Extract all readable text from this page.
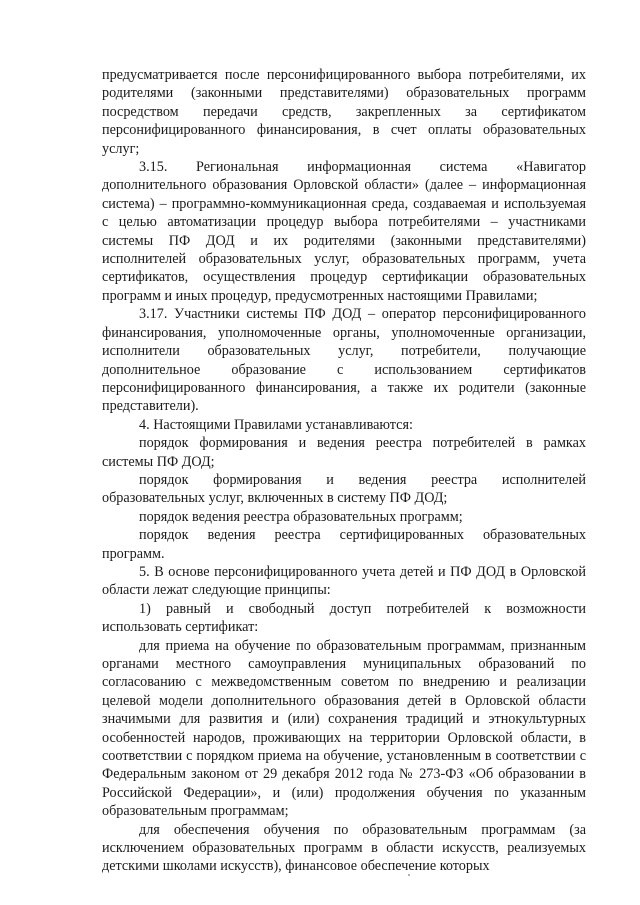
предусматривается после персонифицированного выбора потребителями, их родителями (законными представителями) образовательных программ посредством передачи средств, закрепленных за сертификатом персонифицированного финансирования, в счет оплаты образовательных услуг;

3.15. Региональная информационная система «Навигатор дополнительного образования Орловской области» (далее – информационная система) – программно-коммуникационная среда, создаваемая и используемая с целью автоматизации процедур выбора потребителями – участниками системы ПФ ДОД и их родителями (законными представителями) исполнителей образовательных услуг, образовательных программ, учета сертификатов, осуществления процедур сертификации образовательных программ и иных процедур, предусмотренных настоящими Правилами;

3.17. Участники системы ПФ ДОД – оператор персонифицированного финансирования, уполномоченные органы, уполномоченные организации, исполнители образовательных услуг, потребители, получающие дополнительное образование с использованием сертификатов персонифицированного финансирования, а также их родители (законные представители).

4. Настоящими Правилами устанавливаются:

порядок формирования и ведения реестра потребителей в рамках системы ПФ ДОД;

порядок формирования и ведения реестра исполнителей образовательных услуг, включенных в систему ПФ ДОД;

порядок ведения реестра образовательных программ;

порядок ведения реестра сертифицированных образовательных программ.

5. В основе персонифицированного учета детей и ПФ ДОД в Орловской области лежат следующие принципы:

1) равный и свободный доступ потребителей к возможности использовать сертификат:

для приема на обучение по образовательным программам, признанным органами местного самоуправления муниципальных образований по согласованию с межведомственным советом по внедрению и реализации целевой модели дополнительного образования детей в Орловской области значимыми для развития и (или) сохранения традиций и этнокультурных особенностей народов, проживающих на территории Орловской области, в соответствии с порядком приема на обучение, установленным в соответствии с Федеральным законом от 29 декабря 2012 года № 273-ФЗ «Об образовании в Российской Федерации», и (или) продолжения обучения по указанным образовательным программам;

для обеспечения обучения по образовательным программам (за исключением образовательных программ в области искусств, реализуемых детскими школами искусств), финансовое обеспечение которых
